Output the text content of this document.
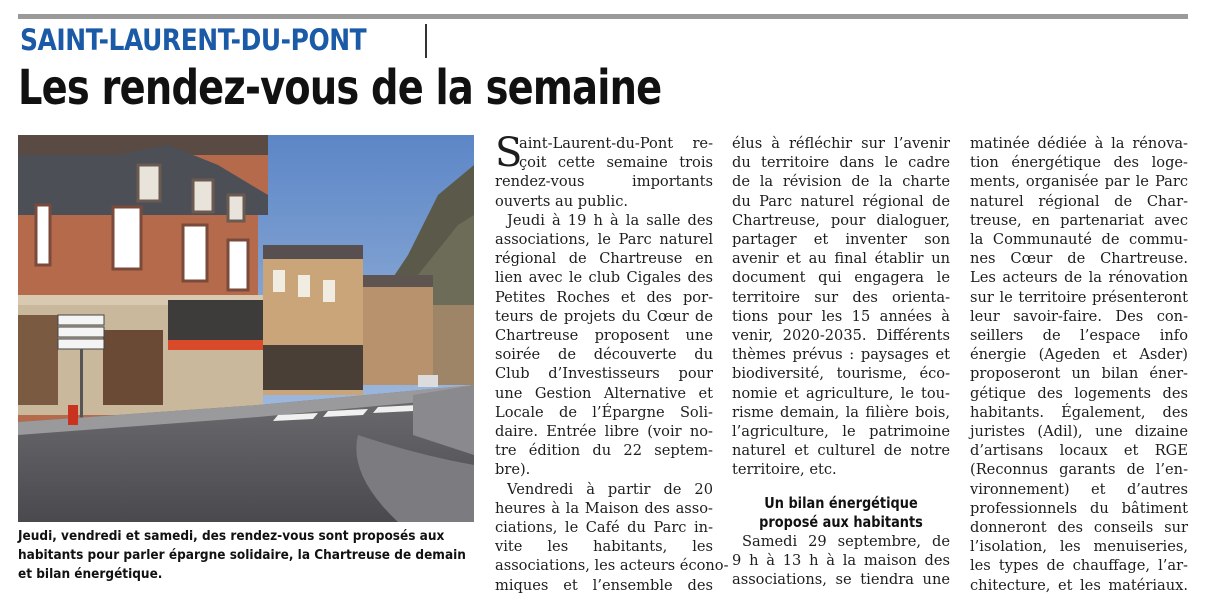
SAINT-LAURENT-DU-PONT
Les rendez-vous de la semaine

Jeudi, vendredi et samedi, des rendez-vous sont proposés aux

habitants pour parler épargne solidaire, la Chartreuse de demain

et bilan énergétique.

S
aint-Laurent-du-Pont re-
çoit cette semaine trois
rendez-vous importants
ouverts au public.
Jeudi à 19 h à la salle des
associations, le Parc naturel
régional de Chartreuse en
lien avec le club Cigales des
Petites Roches et des por-
teurs de projets du Cœur de
Chartreuse proposent une
soirée de découverte du
Club d’Investisseurs pour
une Gestion Alternative et
Locale de l’Épargne Soli-
daire. Entrée libre (voir no-
tre édition du 22 septem-
bre).
Vendredi à partir de 20
heures à la Maison des asso-
ciations, le Café du Parc in-
vite les habitants, les
associations, les acteurs écono-
miques et l’ensemble des
élus à réfléchir sur l’avenir
du territoire dans le cadre
de la révision de la charte
du Parc naturel régional de
Chartreuse, pour dialoguer,
partager et inventer son
avenir et au final établir un
document qui engagera le
territoire sur des orienta-
tions pour les 15 années à
venir, 2020-2035. Différents
thèmes prévus : paysages et
biodiversité, tourisme, éco-
nomie et agriculture, le tou-
risme demain, la filière bois,
l’agriculture, le patrimoine
naturel et culturel de notre
territoire, etc.
Un bilan énergétique
proposé aux habitants
Samedi 29 septembre, de
9 h à 13 h à la maison des
associations, se tiendra une
matinée dédiée à la rénova-
tion énergétique des loge-
ments, organisée par le Parc
naturel régional de Char-
treuse, en partenariat avec
la Communauté de commu-
nes Cœur de Chartreuse.
Les acteurs de la rénovation
sur le territoire présenteront
leur savoir-faire. Des con-
seillers de l’espace info
énergie (Ageden et Asder)
proposeront un bilan éner-
gétique des logements des
habitants. Également, des
juristes (Adil), une dizaine
d’artisans locaux et RGE
(Reconnus garants de l’en-
vironnement) et d’autres
professionnels du bâtiment
donneront des conseils sur
l’isolation, les menuiseries,
les types de chauffage, l’ar-
chitecture, et les matériaux.
